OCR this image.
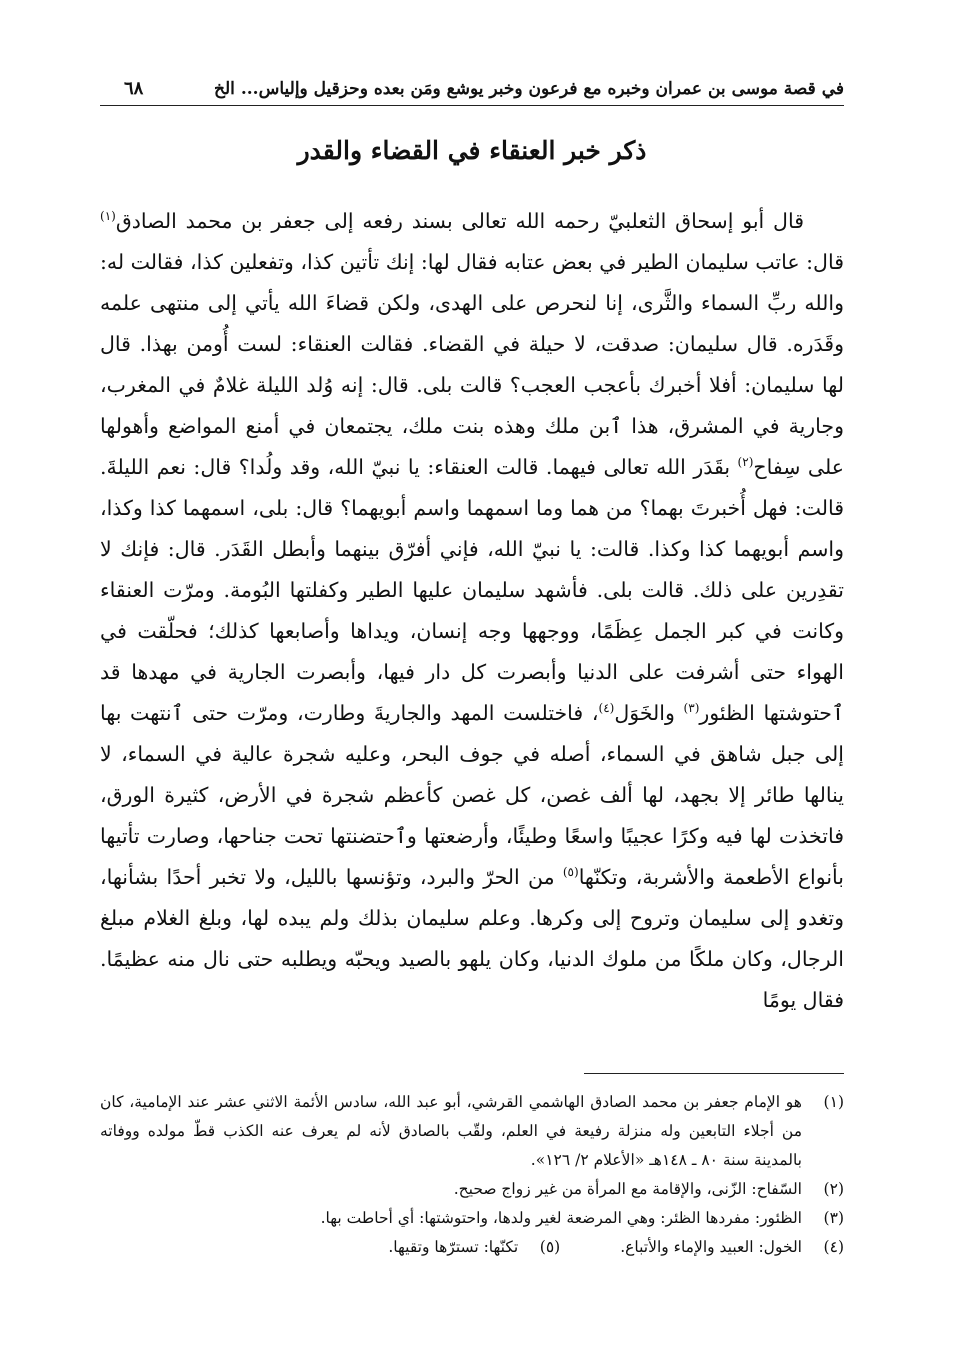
في قصة موسى بن عمران وخبره مع فرعون وخبر يوشع ومَن بعده وحزقيل وإلياس... الخ
٦٨
ذكر خبر العنقاء في القضاء والقدر

قال أبو إسحاق الثعلبيّ رحمه الله تعالى بسند رفعه إلى جعفر بن محمد الصادق$^{(١)}$ قال: عاتب سليمان الطير في بعض عتابه فقال لها: إنك تأتين كذا، وتفعلين كذا، فقالت له: والله ربِّ السماء والثَّرى، إنا لنحرص على الهدى، ولكن قضاءَ الله يأتي إلى منتهى علمه وقَدَره. قال سليمان: صدقت، لا حيلة في القضاء. فقالت العنقاء: لست أُومن بهذا. قال لها سليمان: أفلا أخبرك بأعجب العجب؟ قالت بلى. قال: إنه وُلد الليلة غلامٌ في المغرب، وجارية في المشرق، هذا ٱبن ملك وهذه بنت ملك، يجتمعان في أمنع المواضع وأهولها على سِفاح$^{(٢)}$ بقَدَر الله تعالى فيهما. قالت العنقاء: يا نبيّ الله، وقد ولُدا؟ قال: نعم الليلةَ. قالت: فهل أُخبرتَ بهما؟ من هما وما اسمهما واسم أبويهما؟ قال: بلى، اسمهما كذا وكذا، واسم أبويهما كذا وكذا. قالت: يا نبيّ الله، فإني أفرّق بينهما وأبطل القَدَر. قال: فإنك لا تقدِرين على ذلك. قالت بلى. فأشهد سليمان عليها الطير وكفلتها البُومة. ومرّت العنقاء وكانت في كبر الجمل عِظَمًا، ووجهها وجه إنسان، ويداها وأصابعها كذلك؛ فحلّقت في الهواء حتى أشرفت على الدنيا وأبصرت كل دار فيها، وأبصرت الجارية في مهدها قد ٱحتوشتها الظئور$^{(٣)}$ والخَوَل$^{(٤)}$، فاختلست المهد والجاريةَ وطارت، ومرّت حتى ٱنتهت بها إلى جبل شاهق في السماء، أصله في جوف البحر، وعليه شجرة عالية في السماء، لا ينالها طائر إلا بجهد، لها ألف غصن، كل غصن كأعظم شجرة في الأرض، كثيرة الورق، فاتخذت لها فيه وكرًا عجيبًا واسعًا وطيئًا، وأرضعتها وٱحتضنتها تحت جناحها، وصارت تأتيها بأنواع الأطعمة والأشربة، وتكنّها$^{(٥)}$ من الحرّ والبرد، وتؤنسها بالليل، ولا تخبر أحدًا بشأنها، وتغدو إلى سليمان وتروح إلى وكرها. وعلم سليمان بذلك ولم يبده لها، وبلغ الغلام مبلغ الرجال، وكان ملكًا من ملوك الدنيا، وكان يلهو بالصيد ويحبّه ويطلبه حتى نال منه عظيمًا. فقال يومًا

(١)
هو الإمام جعفر بن محمد الصادق الهاشمي القرشي، أبو عبد الله، سادس الأئمة الاثني عشر عند الإمامية، كان من أجلاء التابعين وله منزلة رفيعة في العلم، ولقّب بالصادق لأنه لم يعرف عنه الكذب قطّ مولده ووفاته بالمدينة سنة ٨٠ ـ ١٤٨هـ «الأعلام ٢/ ١٢٦».
(٢)
السّفاح: الزّنى، والإقامة مع المرأة من غير زواج صحيح.
(٣)
الظئور: مفردها الظئر: وهي المرضعة لغير ولدها، واحتوشتها: أي أحاطت بها.
(٤)
الخول: العبيد والإماء والأتباع.
(٥)
تكنّها: تسترّها وتقيها.
